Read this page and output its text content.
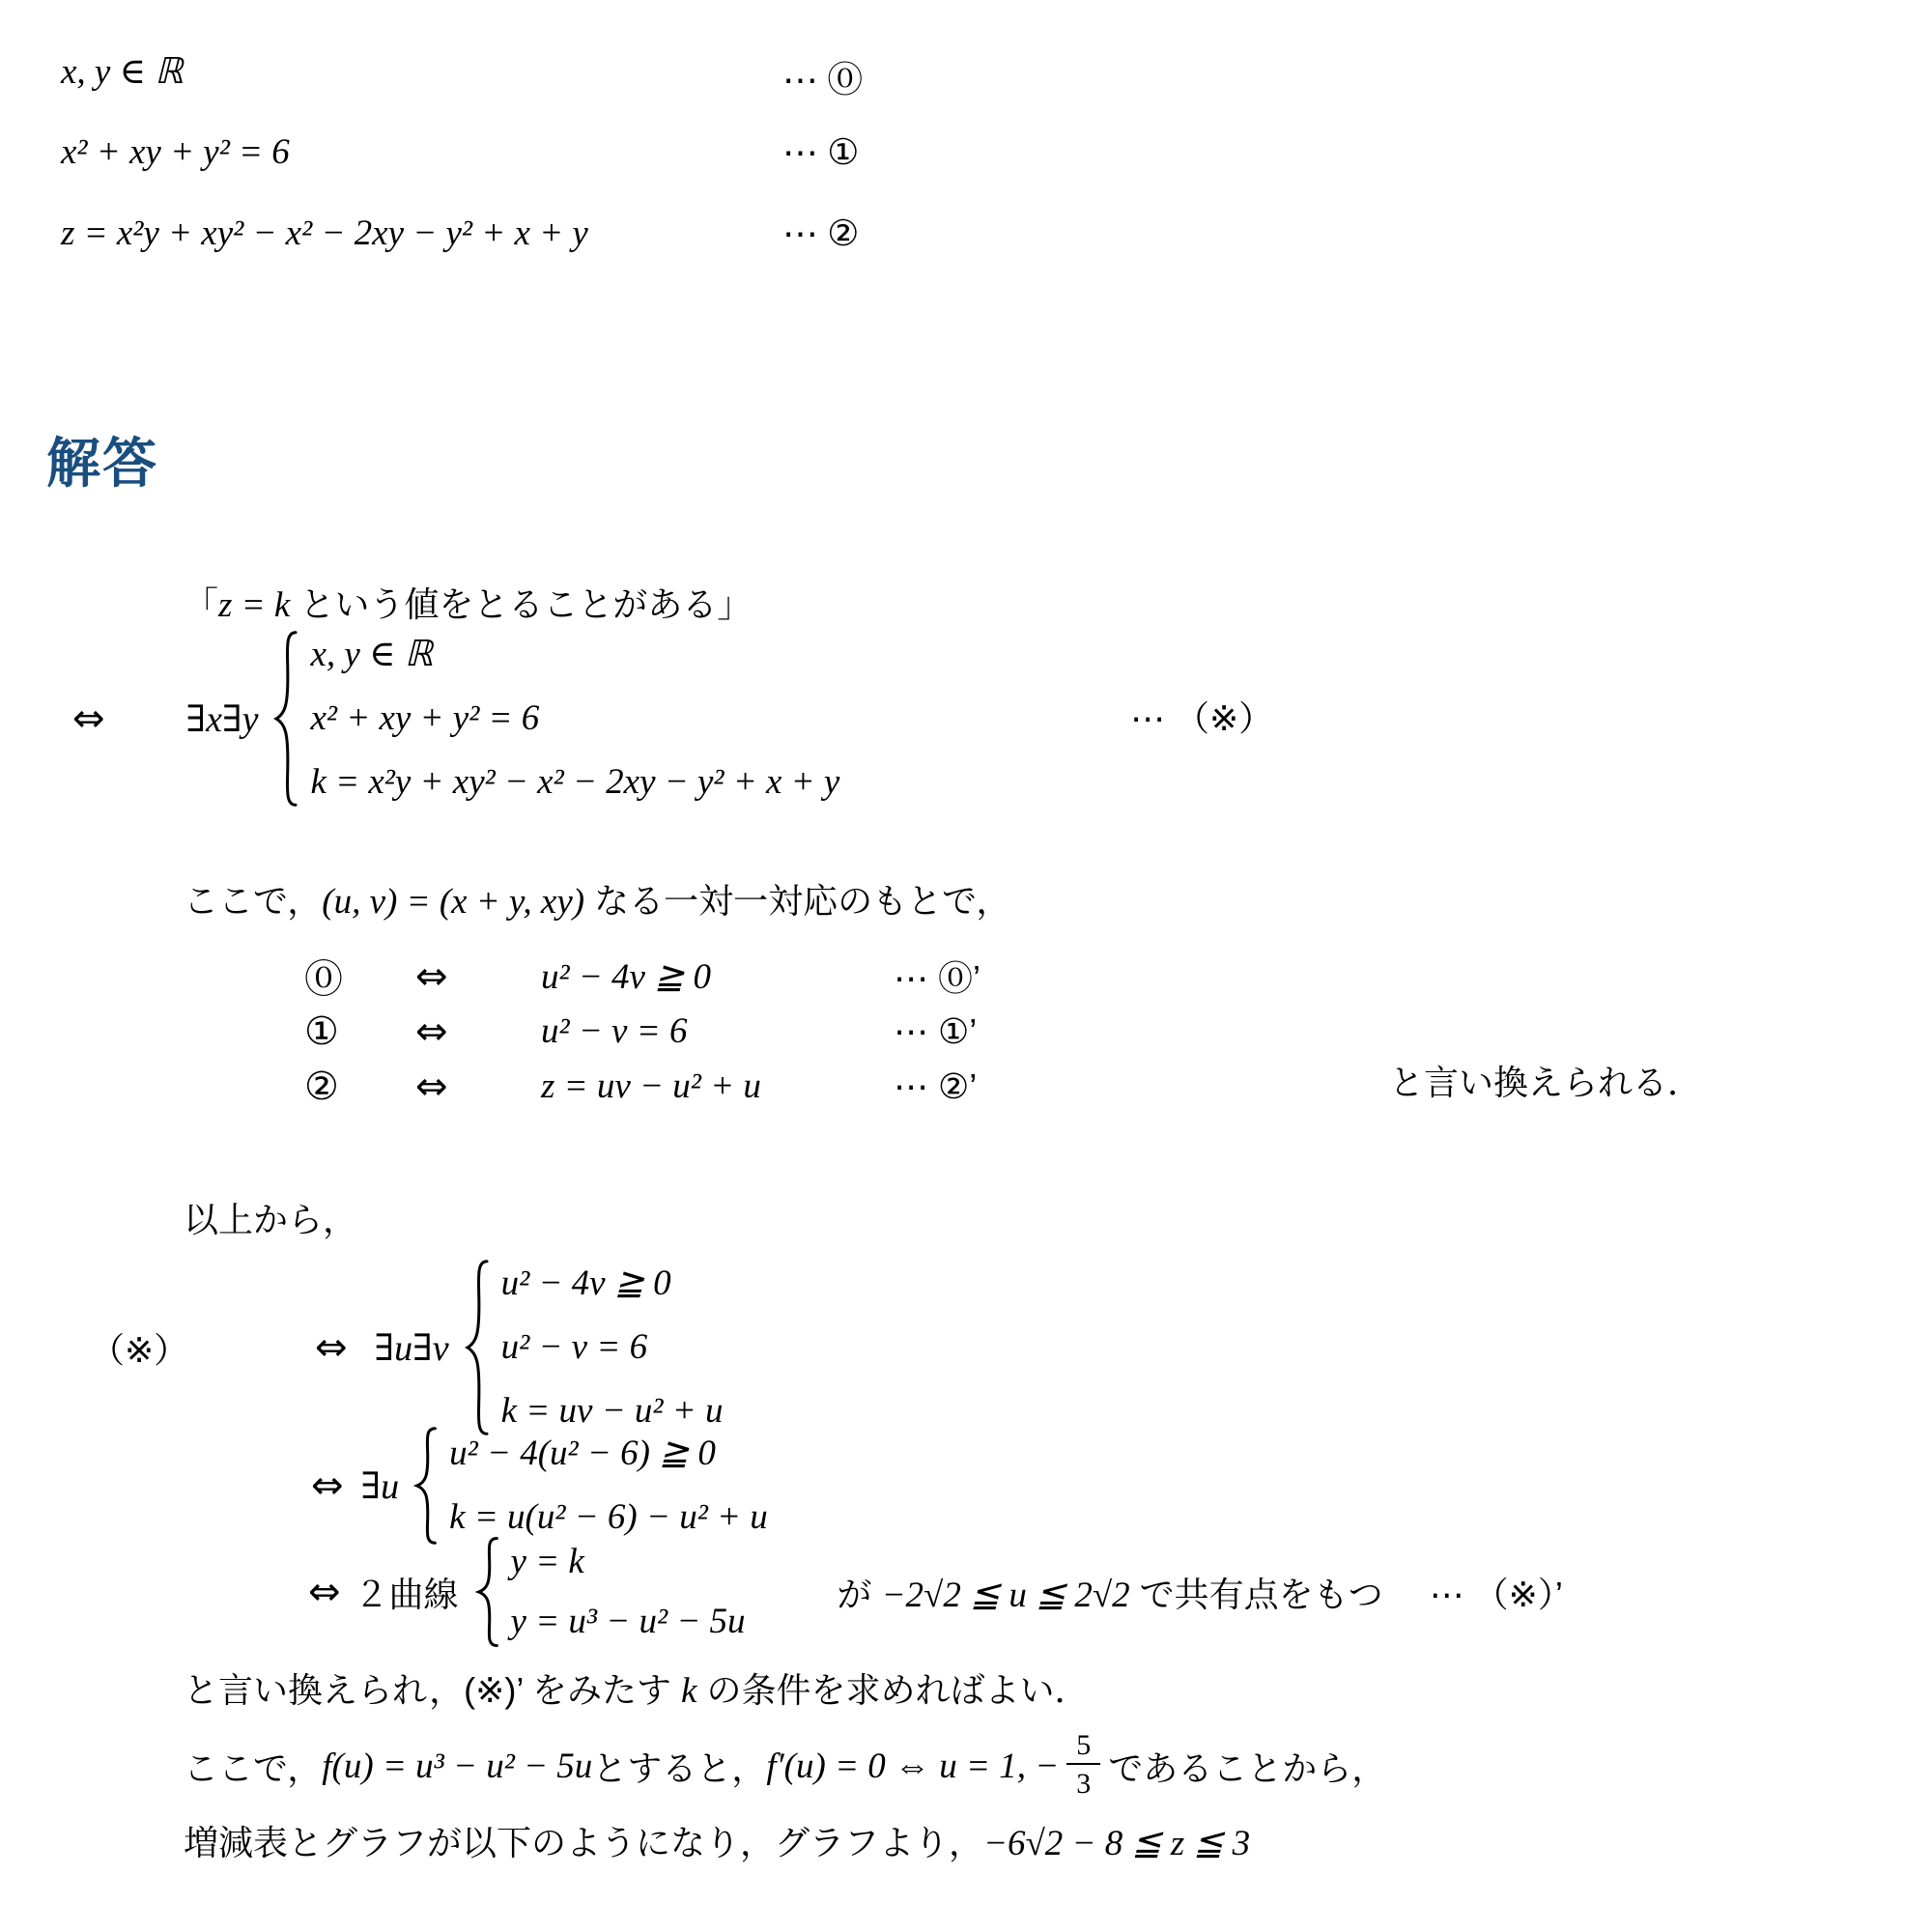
x, y ∈ ℝ	⋯ ⓪
x² + xy + y² = 6	⋯ ①
z = x²y + xy² − x² − 2xy − y² + x + y	⋯ ②
解答
「z = k という値をとることがある」
⇔ ∃x∃y
x, y ∈ ℝ
x² + xy + y² = 6
k = x²y + xy² − x² − 2xy − y² + x + y
⋯ （※）
ここで，(u, v) = (x + y, xy) なる一対一対応のもとで，
⓪	⇔	u² − 4v ≧ 0	⋯ ⓪’
①	⇔	u² − v = 6	⋯ ①’
②	⇔	z = uv − u² + u	⋯ ②’	と言い換えられる．
以上から，
（※）	⇔ ∃u∃v
u² − 4v ≧ 0
u² − v = 6
k = uv − u² + u
⇔ ∃u
u² − 4(u² − 6) ≧ 0
k = u(u² − 6) − u² + u
⇔ ２曲線
y = k
y = u³ − u² − 5u
が −2√2 ≦ u ≦ 2√2 で共有点をもつ ⋯ （※）’
と言い換えられ，(※)’ をみたす k の条件を求めればよい．
ここで， f(u) = u³ − u² − 5u とすると， f′(u) = 0 ⇔ u = 1, − $\frac{5}{3}$ であることから，
増減表とグラフが以下のようになり，グラフより，−6√2 − 8 ≦ z ≦ 3
